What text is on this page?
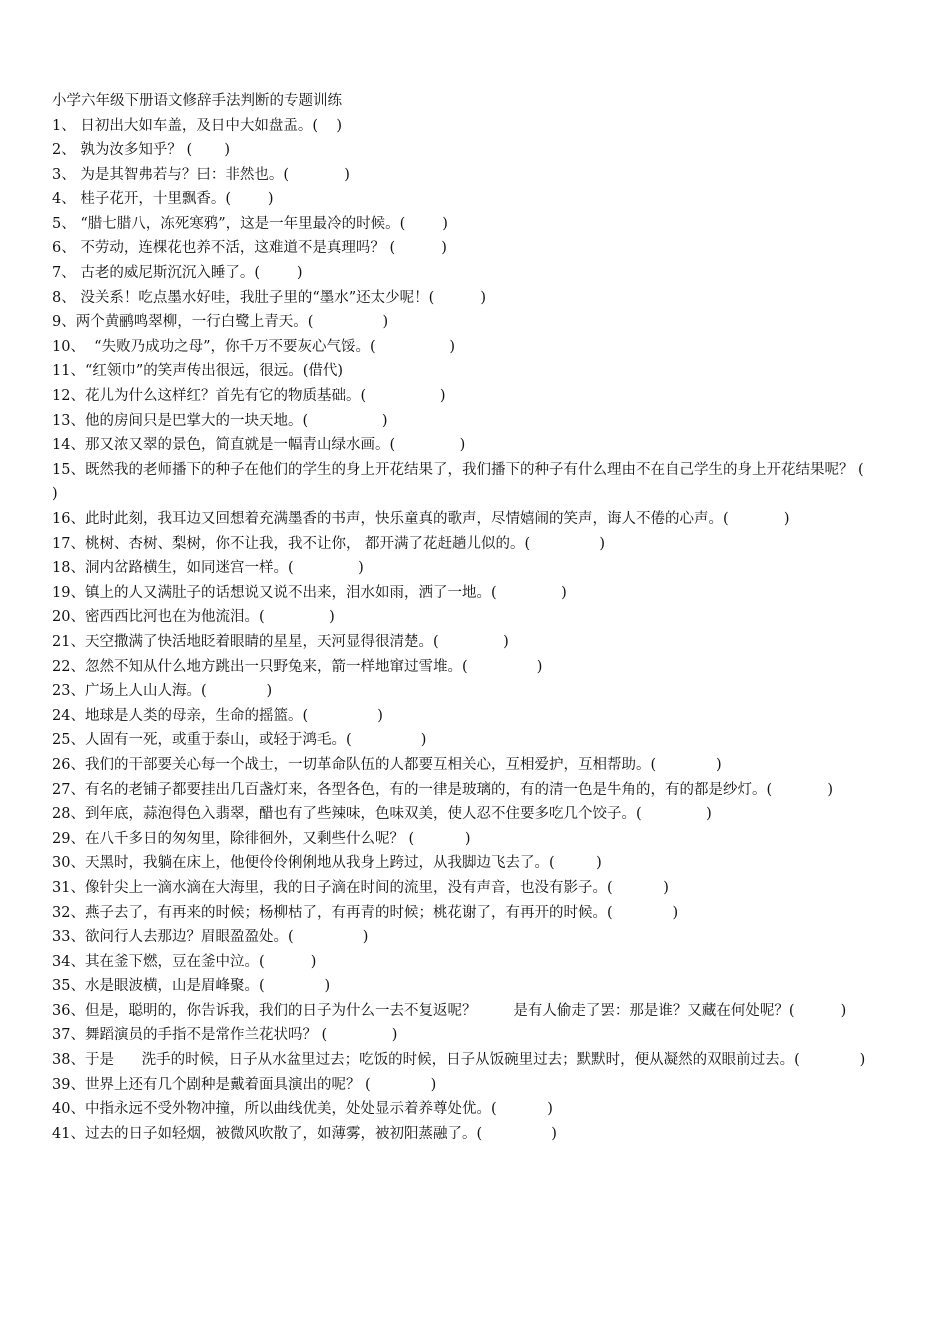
小学六年级下册语文修辞手法判断的专题训练
1、 日初出大如车盖，及日中大如盘盂。(    )
2、 孰为汝多知乎？ (       )
3、 为是其智弗若与？曰：非然也。(            )
4、 桂子花开，十里飘香。(        )
5、 “腊七腊八，冻死寒鸦”，这是一年里最冷的时候。(        )
6、 不劳动，连棵花也养不活，这难道不是真理吗？ (          )
7、 古老的威尼斯沉沉入睡了。(        )
8、 没关系！吃点墨水好哇，我肚子里的“墨水”还太少呢！(          )
9、两个黄鹂鸣翠柳，一行白鹭上青天。(               )
10、  “失败乃成功之母”，你千万不要灰心气馁。(                )
11、“红领巾”的笑声传出很远，很远。(借代)
12、花儿为什么这样红？首先有它的物质基础。(                )
13、他的房间只是巴掌大的一块天地。(                )
14、那又浓又翠的景色，简直就是一幅青山绿水画。(              )
15、既然我的老师播下的种子在他们的学生的身上开花结果了，我们播下的种子有什么理由不在自己学生的身上开花结果呢？ (               )
16、此时此刻，我耳边又回想着充满墨香的书声，快乐童真的歌声，尽情嬉闹的笑声，诲人不倦的心声。(            )
17、桃树、杏树、梨树，你不让我，我不让你， 都开满了花赶趟儿似的。(               )
18、洞内岔路横生，如同迷宫一样。(              )
19、镇上的人又满肚子的话想说又说不出来，泪水如雨，洒了一地。(              )
20、密西西比河也在为他流泪。(              )
21、天空撒满了快活地眨着眼睛的星星，天河显得很清楚。(              )
22、忽然不知从什么地方跳出一只野兔来，箭一样地窜过雪堆。(               )
23、广场上人山人海。(             )
24、地球是人类的母亲，生命的摇篮。(               )
25、人固有一死，或重于泰山，或轻于鸿毛。(               )
26、我们的干部要关心每一个战士，一切革命队伍的人都要互相关心，互相爱护，互相帮助。(             )
27、有名的老铺子都要挂出几百盏灯来，各型各色，有的一律是玻璃的，有的清一色是牛角的，有的都是纱灯。(            )
28、到年底，蒜泡得色入翡翠，醋也有了些辣味，色味双美，使人忍不住要多吃几个饺子。(              )
29、在八千多日的匆匆里，除徘徊外，又剩些什么呢？ (           )
30、天黑时，我躺在床上，他便伶伶俐俐地从我身上跨过，从我脚边飞去了。(         )
31、像针尖上一滴水滴在大海里，我的日子滴在时间的流里，没有声音，也没有影子。(           )
32、燕子去了，有再来的时候；杨柳枯了，有再青的时候；桃花谢了，有再开的时候。(             )
33、欲问行人去那边？眉眼盈盈处。(               )
34、其在釜下燃，豆在釜中泣。(          )
35、水是眼波横，山是眉峰聚。(             )
36、但是，聪明的，你告诉我，我们的日子为什么一去不复返呢？        是有人偷走了罢：那是谁？又藏在何处呢？(          )
37、舞蹈演员的手指不是常作兰花状吗？ (              )
38、于是      洗手的时候，日子从水盆里过去；吃饭的时候，日子从饭碗里过去；默默时，便从凝然的双眼前过去。(             )
39、世界上还有几个剧种是戴着面具演出的呢？ (             )
40、中指永远不受外物冲撞，所以曲线优美，处处显示着养尊处优。(           )
41、过去的日子如轻烟，被微风吹散了，如薄雾，被初阳蒸融了。(               )
